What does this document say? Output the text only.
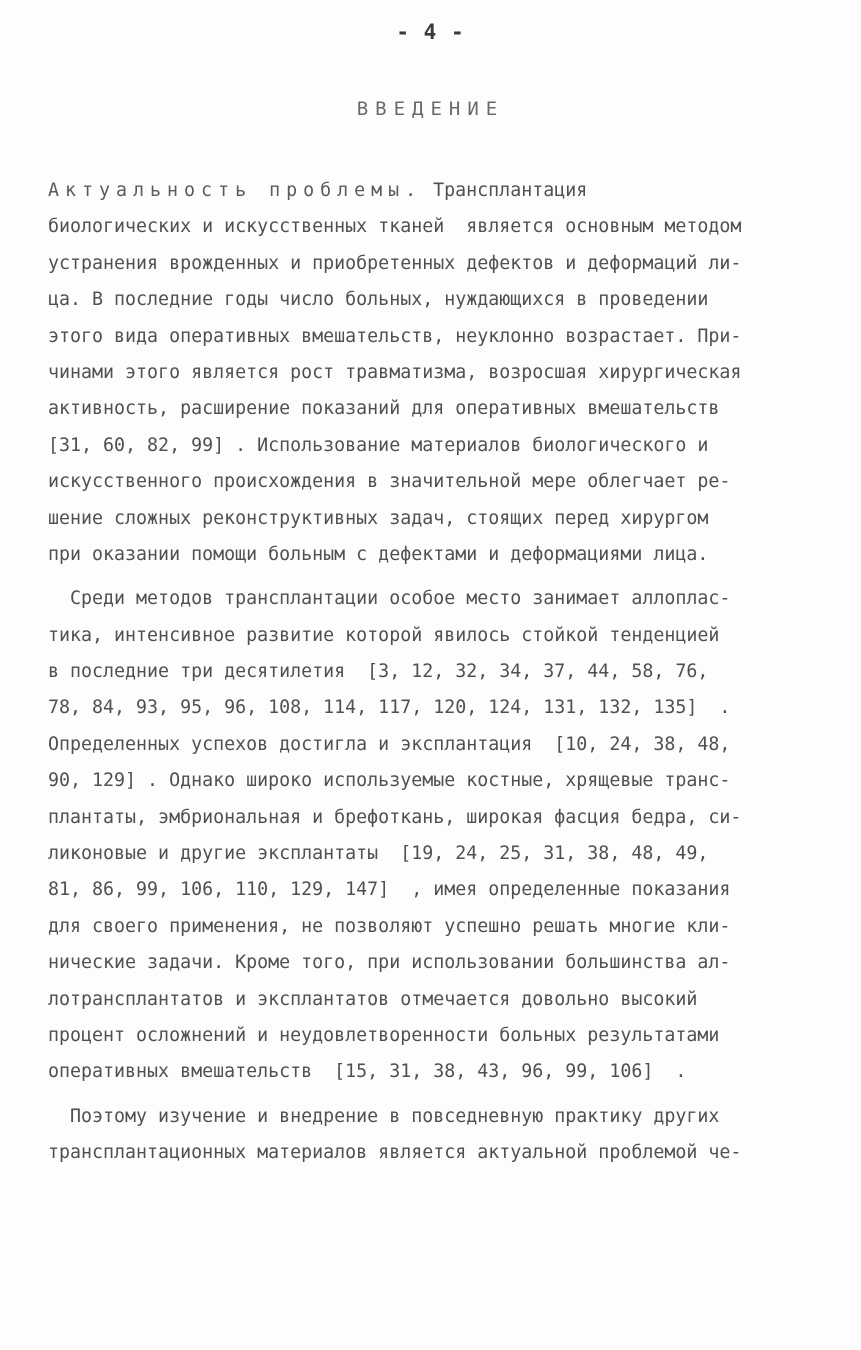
- 4 -
ВВЕДЕНИЕ
Актуальность проблемы. Трансплантация
биологических и искусственных тканей  является основным методом
устранения врожденных и приобретенных дефектов и деформаций ли-
ца. В последние годы число больных, нуждающихся в проведении
этого вида оперативных вмешательств, неуклонно возрастает. При-
чинами этого является рост травматизма, возросшая хирургическая
активность, расширение показаний для оперативных вмешательств
[31, 60, 82, 99] . Использование материалов биологического и
искусственного происхождения в значительной мере облегчает ре-
шение сложных реконструктивных задач, стоящих перед хирургом
при оказании помощи больным с дефектами и деформациями лица.
Среди методов трансплантации особое место занимает аллоплас-
тика, интенсивное развитие которой явилось стойкой тенденцией
в последние три десятилетия  [3, 12, 32, 34, 37, 44, 58, 76,
78, 84, 93, 95, 96, 108, 114, 117, 120, 124, 131, 132, 135]  .
Определенных успехов достигла и эксплантация  [10, 24, 38, 48,
90, 129] . Однако широко используемые костные, хрящевые транс-
плантаты, эмбриональная и брефоткань, широкая фасция бедра, си-
ликоновые и другие эксплантаты  [19, 24, 25, 31, 38, 48, 49,
81, 86, 99, 106, 110, 129, 147]  , имея определенные показания
для своего применения, не позволяют успешно решать многие кли-
нические задачи. Кроме того, при использовании большинства ал-
лотрансплантатов и эксплантатов отмечается довольно высокий
процент осложнений и неудовлетворенности больных результатами
оперативных вмешательств  [15, 31, 38, 43, 96, 99, 106]  .
Поэтому изучение и внедрение в повседневную практику других
трансплантационных материалов является актуальной проблемой че-
